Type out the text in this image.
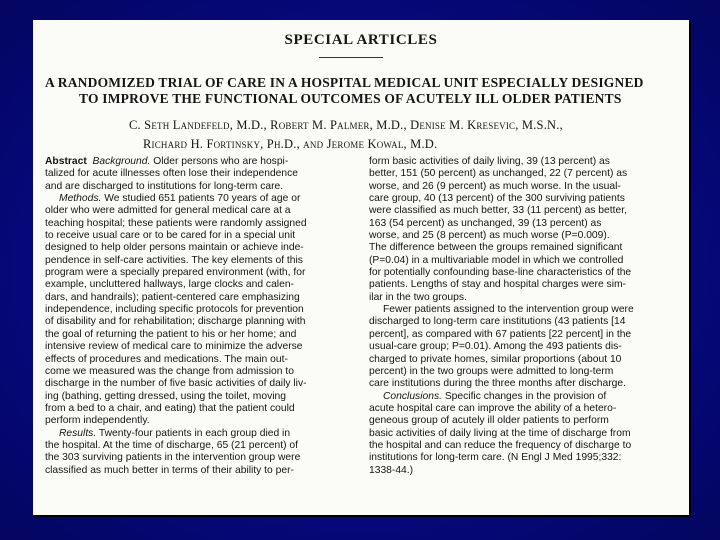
SPECIAL ARTICLES
A RANDOMIZED TRIAL OF CARE IN A HOSPITAL MEDICAL UNIT ESPECIALLY DESIGNED
TO IMPROVE THE FUNCTIONAL OUTCOMES OF ACUTELY ILL OLDER PATIENTS
C. Seth Landefeld, M.D., Robert M. Palmer, M.D., Denise M. Kresevic, M.S.N.,
Richard H. Fortinsky, Ph.D., and Jerome Kowal, M.D.
Abstract Background. Older persons who are hospi-
talized for acute illnesses often lose their independence
and are discharged to institutions for long-term care.
Methods. We studied 651 patients 70 years of age or
older who were admitted for general medical care at a
teaching hospital; these patients were randomly assigned
to receive usual care or to be cared for in a special unit
designed to help older persons maintain or achieve inde-
pendence in self-care activities. The key elements of this
program were a specially prepared environment (with, for
example, uncluttered hallways, large clocks and calen-
dars, and handrails); patient-centered care emphasizing
independence, including specific protocols for prevention
of disability and for rehabilitation; discharge planning with
the goal of returning the patient to his or her home; and
intensive review of medical care to minimize the adverse
effects of procedures and medications. The main out-
come we measured was the change from admission to
discharge in the number of five basic activities of daily liv-
ing (bathing, getting dressed, using the toilet, moving
from a bed to a chair, and eating) that the patient could
perform independently.
Results. Twenty-four patients in each group died in
the hospital. At the time of discharge, 65 (21 percent) of
the 303 surviving patients in the intervention group were
classified as much better in terms of their ability to per-
form basic activities of daily living, 39 (13 percent) as
better, 151 (50 percent) as unchanged, 22 (7 percent) as
worse, and 26 (9 percent) as much worse. In the usual-
care group, 40 (13 percent) of the 300 surviving patients
were classified as much better, 33 (11 percent) as better,
163 (54 percent) as unchanged, 39 (13 percent) as
worse, and 25 (8 percent) as much worse (P=0.009).
The difference between the groups remained significant
(P=0.04) in a multivariable model in which we controlled
for potentially confounding base-line characteristics of the
patients. Lengths of stay and hospital charges were sim-
ilar in the two groups.
Fewer patients assigned to the intervention group were
discharged to long-term care institutions (43 patients [14
percent], as compared with 67 patients [22 percent] in the
usual-care group; P=0.01). Among the 493 patients dis-
charged to private homes, similar proportions (about 10
percent) in the two groups were admitted to long-term
care institutions during the three months after discharge.
Conclusions. Specific changes in the provision of
acute hospital care can improve the ability of a hetero-
geneous group of acutely ill older patients to perform
basic activities of daily living at the time of discharge from
the hospital and can reduce the frequency of discharge to
institutions for long-term care. (N Engl J Med 1995;332:
1338-44.)
